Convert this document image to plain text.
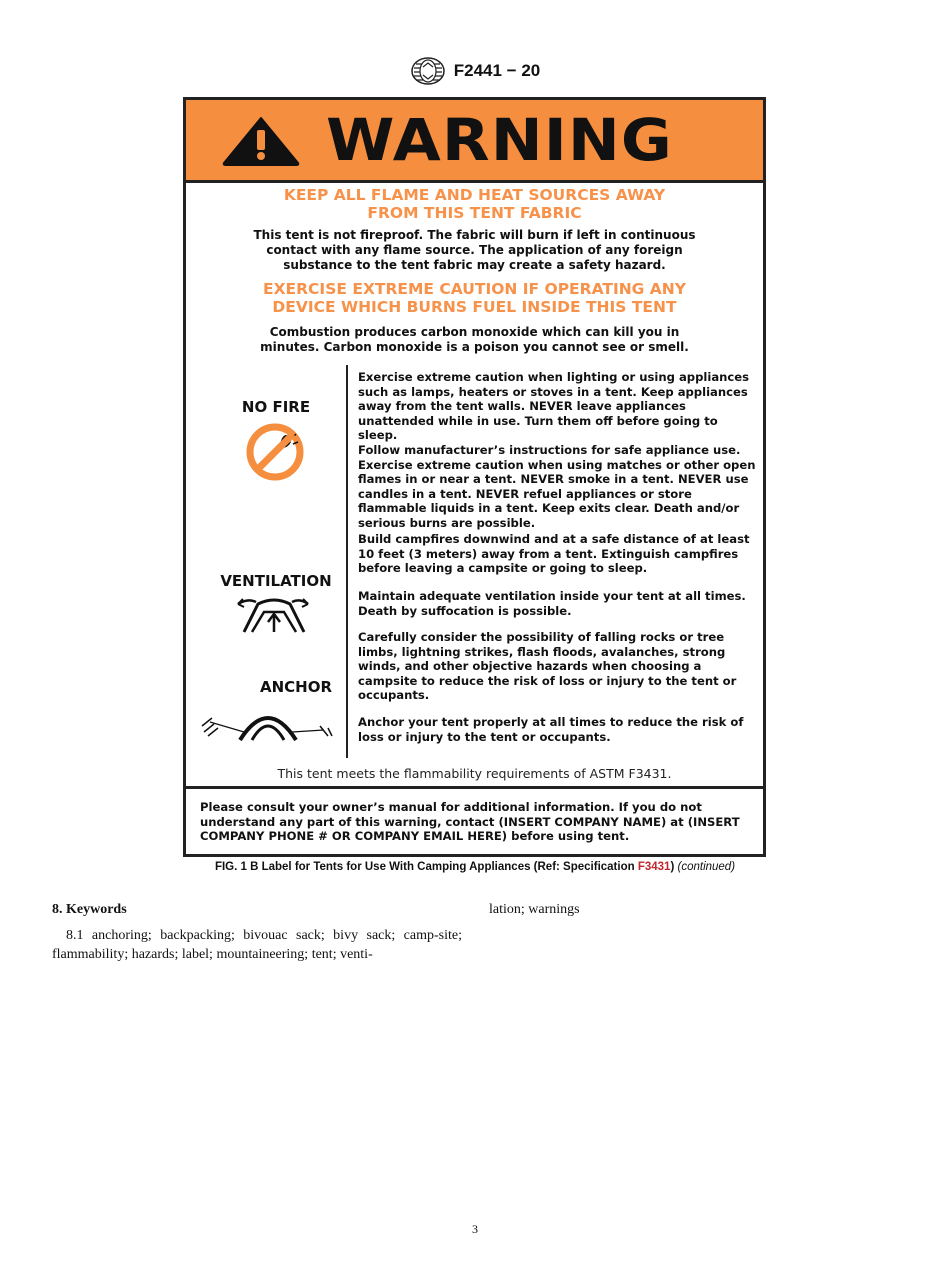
F2441 − 20
WARNING
KEEP ALL FLAME AND HEAT SOURCES AWAY
FROM THIS TENT FABRIC
This tent is not fireproof. The fabric will burn if left in continuous
contact with any flame source. The application of any foreign
substance to the tent fabric may create a safety hazard.
EXERCISE EXTREME CAUTION IF OPERATING ANY
DEVICE WHICH BURNS FUEL INSIDE THIS TENT
Combustion produces carbon monoxide which can kill you in
minutes. Carbon monoxide is a poison you cannot see or smell.
NO FIRE
VENTILATION
ANCHOR
Exercise extreme caution when lighting or using appliances
such as lamps, heaters or stoves in a tent. Keep appliances
away from the tent walls. NEVER leave appliances
unattended while in use. Turn them off before going to sleep.
Follow manufacturer’s instructions for safe appliance use.
Exercise extreme caution when using matches or other open
flames in or near a tent. NEVER smoke in a tent. NEVER use
candles in a tent. NEVER refuel appliances or store
flammable liquids in a tent. Keep exits clear. Death and/or
serious burns are possible.
Build campfires downwind and at a safe distance of at least
10 feet (3 meters) away from a tent. Extinguish campfires
before leaving a campsite or going to sleep.
Maintain adequate ventilation inside your tent at all times.
Death by suffocation is possible.
Carefully consider the possibility of falling rocks or tree
limbs, lightning strikes, flash floods, avalanches, strong
winds, and other objective hazards when choosing a
campsite to reduce the risk of loss or injury to the tent or
occupants.
Anchor your tent properly at all times to reduce the risk of
loss or injury to the tent or occupants.
This tent meets the flammability requirements of ASTM F3431.
Please consult your owner’s manual for additional information. If you do not
understand any part of this warning, contact (INSERT COMPANY NAME) at (INSERT
COMPANY PHONE # OR COMPANY EMAIL HERE) before using tent.
FIG. 1 B Label for Tents for Use With Camping Appliances (Ref: Specification F3431) (continued)
8. Keywords
8.1 anchoring; backpacking; bivouac sack; bivy sack; camp-site; flammability; hazards; label; mountaineering; tent; venti-
lation; warnings
3
